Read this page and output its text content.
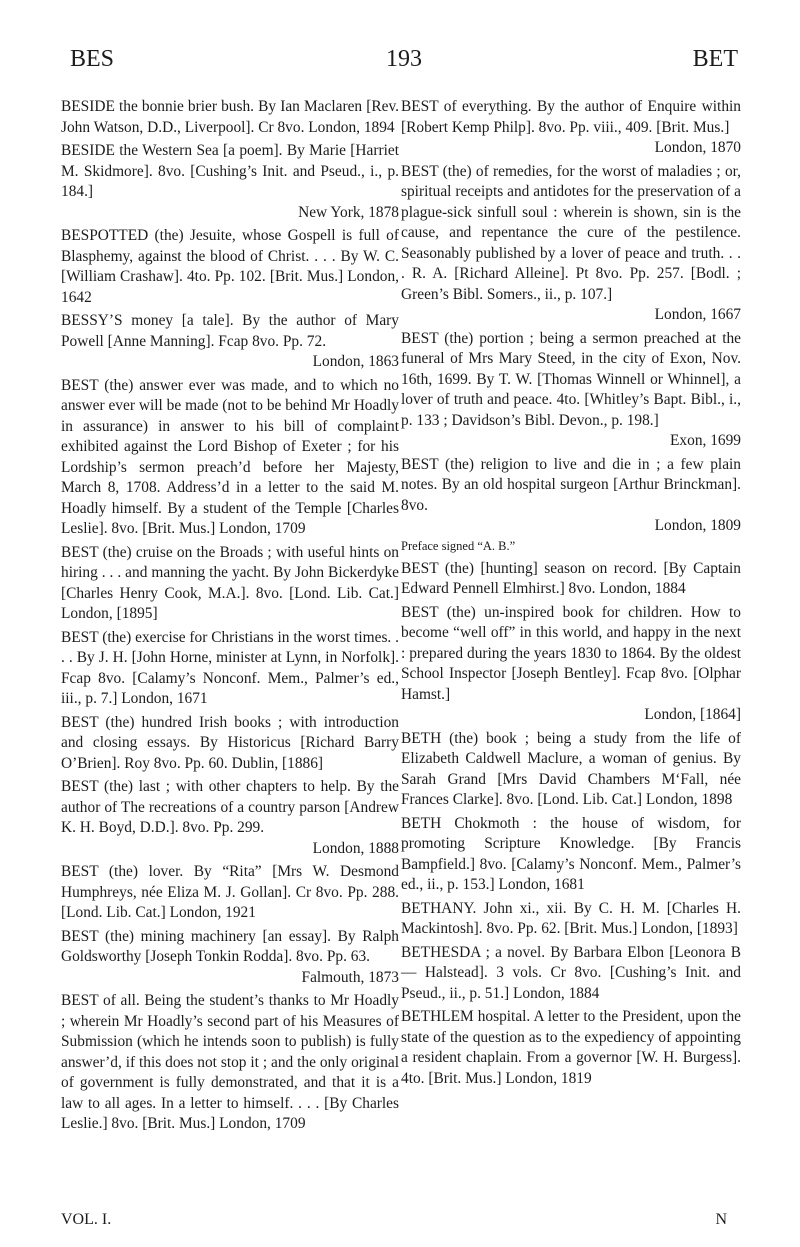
BES	193	BET
BESIDE the bonnie brier bush. By Ian Maclaren [Rev. John Watson, D.D., Liverpool]. Cr 8vo. London, 1894
BESIDE the Western Sea [a poem]. By Marie [Harriet M. Skidmore]. 8vo. [Cushing’s Init. and Pseud., i., p. 184.]
New York, 1878
BESPOTTED (the) Jesuite, whose Gospell is full of Blasphemy, against the blood of Christ. . . . By W. C. [William Crashaw]. 4to. Pp. 102. [Brit. Mus.] London, 1642
BESSY’S money [a tale]. By the author of Mary Powell [Anne Manning]. Fcap 8vo. Pp. 72.
London, 1863
BEST (the) answer ever was made, and to which no answer ever will be made (not to be behind Mr Hoadly in assurance) in answer to his bill of complaint exhibited against the Lord Bishop of Exeter ; for his Lordship’s sermon preach’d before her Majesty, March 8, 1708. Address’d in a letter to the said M. Hoadly himself. By a student of the Temple [Charles Leslie]. 8vo. [Brit. Mus.] London, 1709
BEST (the) cruise on the Broads ; with useful hints on hiring . . . and manning the yacht. By John Bickerdyke [Charles Henry Cook, M.A.]. 8vo. [Lond. Lib. Cat.] London, [1895]
BEST (the) exercise for Christians in the worst times. . . . By J. H. [John Horne, minister at Lynn, in Norfolk]. Fcap 8vo. [Calamy’s Nonconf. Mem., Palmer’s ed., iii., p. 7.] London, 1671
BEST (the) hundred Irish books ; with introduction and closing essays. By Historicus [Richard Barry O’Brien]. Roy 8vo. Pp. 60. Dublin, [1886]
BEST (the) last ; with other chapters to help. By the author of The recreations of a country parson [Andrew K. H. Boyd, D.D.]. 8vo. Pp. 299.
London, 1888
BEST (the) lover. By “Rita” [Mrs W. Desmond Humphreys, née Eliza M. J. Gollan]. Cr 8vo. Pp. 288. [Lond. Lib. Cat.] London, 1921
BEST (the) mining machinery [an essay]. By Ralph Goldsworthy [Joseph Tonkin Rodda]. 8vo. Pp. 63.
Falmouth, 1873
BEST of all. Being the student’s thanks to Mr Hoadly ; wherein Mr Hoadly’s second part of his Measures of Submission (which he intends soon to publish) is fully answer’d, if this does not stop it ; and the only original of government is fully demonstrated, and that it is a law to all ages. In a letter to himself. . . . [By Charles Leslie.] 8vo. [Brit. Mus.] London, 1709
BEST of everything. By the author of Enquire within [Robert Kemp Philp]. 8vo. Pp. viii., 409. [Brit. Mus.]
London, 1870
BEST (the) of remedies, for the worst of maladies ; or, spiritual receipts and antidotes for the preservation of a plague-sick sinfull soul : wherein is shown, sin is the cause, and repentance the cure of the pestilence. Seasonably published by a lover of peace and truth. . . . R. A. [Richard Alleine]. Pt 8vo. Pp. 257. [Bodl. ; Green’s Bibl. Somers., ii., p. 107.]
London, 1667
BEST (the) portion ; being a sermon preached at the funeral of Mrs Mary Steed, in the city of Exon, Nov. 16th, 1699. By T. W. [Thomas Winnell or Whinnel], a lover of truth and peace. 4to. [Whitley’s Bapt. Bibl., i., p. 133 ; Davidson’s Bibl. Devon., p. 198.]
Exon, 1699
BEST (the) religion to live and die in ; a few plain notes. By an old hospital surgeon [Arthur Brinckman]. 8vo.
London, 1809
Preface signed “A. B.”
BEST (the) [hunting] season on record. [By Captain Edward Pennell Elmhirst.] 8vo. London, 1884
BEST (the) un-inspired book for children. How to become “well off” in this world, and happy in the next : prepared during the years 1830 to 1864. By the oldest School Inspector [Joseph Bentley]. Fcap 8vo. [Olphar Hamst.]
London, [1864]
BETH (the) book ; being a study from the life of Elizabeth Caldwell Maclure, a woman of genius. By Sarah Grand [Mrs David Chambers M‘Fall, née Frances Clarke]. 8vo. [Lond. Lib. Cat.] London, 1898
BETH Chokmoth : the house of wisdom, for promoting Scripture Knowledge. [By Francis Bampfield.] 8vo. [Calamy’s Nonconf. Mem., Palmer’s ed., ii., p. 153.] London, 1681
BETHANY. John xi., xii. By C. H. M. [Charles H. Mackintosh]. 8vo. Pp. 62. [Brit. Mus.] London, [1893]
BETHESDA ; a novel. By Barbara Elbon [Leonora B— Halstead]. 3 vols. Cr 8vo. [Cushing’s Init. and Pseud., ii., p. 51.] London, 1884
BETHLEM hospital. A letter to the President, upon the state of the question as to the expediency of appointing a resident chaplain. From a governor [W. H. Burgess]. 4to. [Brit. Mus.] London, 1819
VOL. I.	N
